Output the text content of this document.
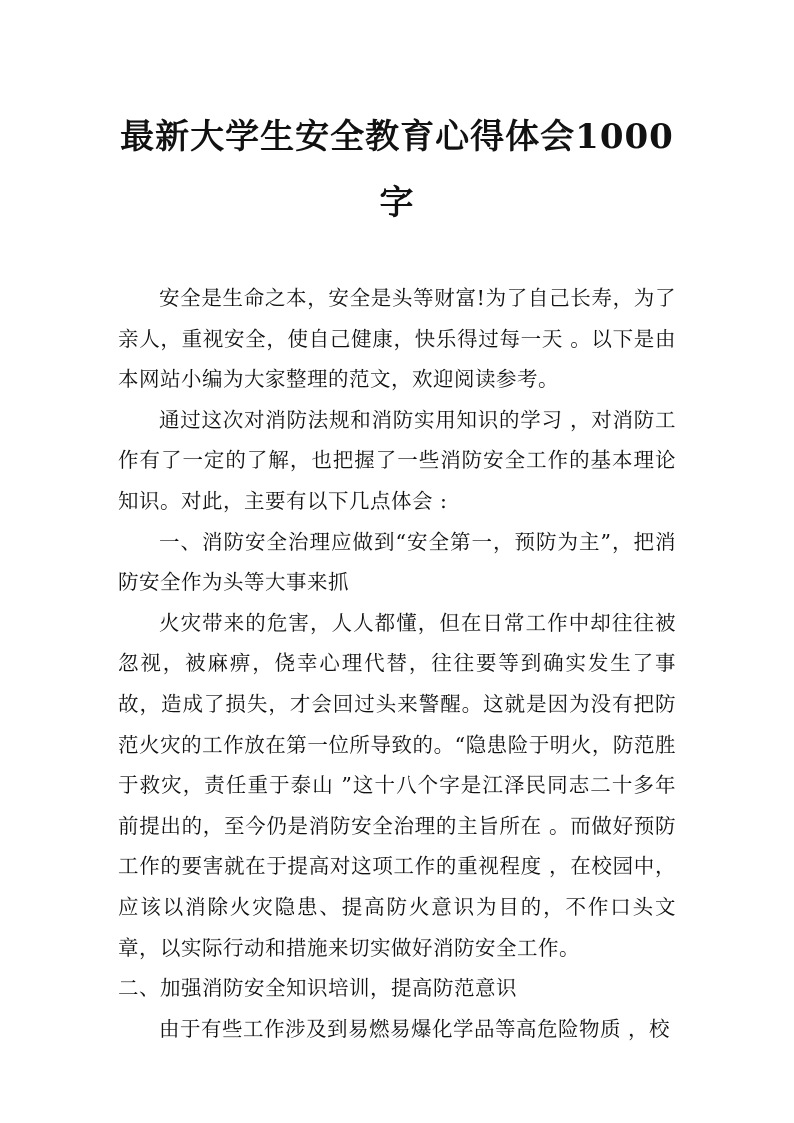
最新大学生安全教育心得体会1000字

安全是生命之本，安全是头等财富!为了自己长寿，为了亲人，重视安全，使自己健康，快乐得过每一天 。以下是由本网站小编为大家整理的范文，欢迎阅读参考。

通过这次对消防法规和消防实用知识的学习 ，对消防工作有了一定的了解，也把握了一些消防安全工作的基本理论知识。对此，主要有以下几点体会 :

一、消防安全治理应做到“安全第一，预防为主”，把消防安全作为头等大事来抓

火灾带来的危害，人人都懂，但在日常工作中却往往被忽视，被麻痹，侥幸心理代替，往往要等到确实发生了事故，造成了损失，才会回过头来警醒。这就是因为没有把防范火灾的工作放在第一位所导致的。“隐患险于明火，防范胜于救灾，责任重于泰山 ”这十八个字是江泽民同志二十多年前提出的，至今仍是消防安全治理的主旨所在 。而做好预防工作的要害就在于提高对这项工作的重视程度 ，在校园中，应该以消除火灾隐患、提高防火意识为目的，不作口头文章，以实际行动和措施来切实做好消防安全工作。

二、加强消防安全知识培训，提高防范意识

由于有些工作涉及到易燃易爆化学品等高危险物质 ，校
